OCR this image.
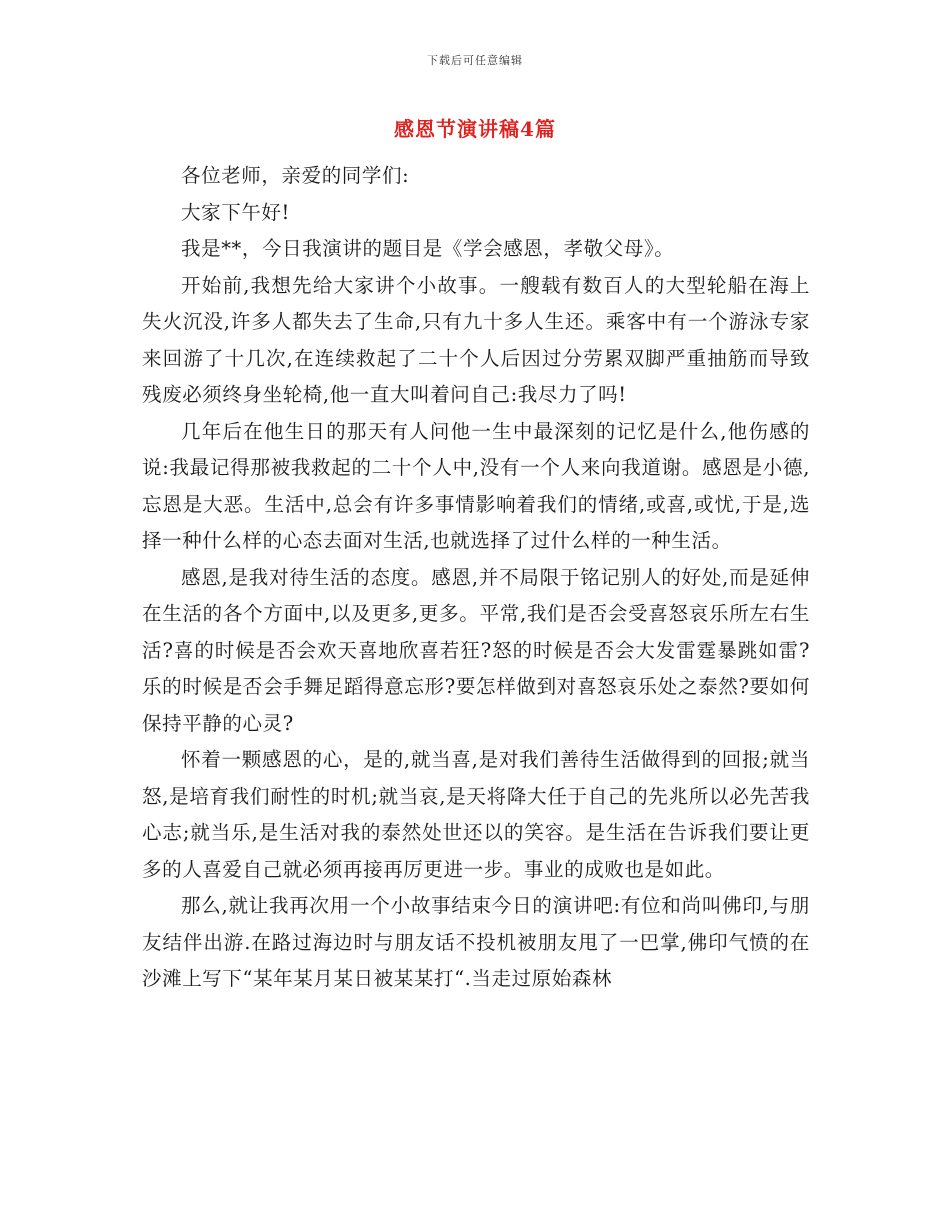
下载后可任意编辑
感恩节演讲稿4篇

各位老师，亲爱的同学们:

大家下午好!

我是**，今日我演讲的题目是《学会感恩，孝敬父母》。

开始前,我想先给大家讲个小故事。一艘载有数百人的大型轮船在海上失火沉没,许多人都失去了生命,只有九十多人生还。乘客中有一个游泳专家来回游了十几次,在连续救起了二十个人后因过分劳累双脚严重抽筋而导致残废必须终身坐轮椅,他一直大叫着问自己:我尽力了吗!

几年后在他生日的那天有人问他一生中最深刻的记忆是什么,他伤感的说:我最记得那被我救起的二十个人中,没有一个人来向我道谢。感恩是小德,忘恩是大恶。生活中,总会有许多事情影响着我们的情绪,或喜,或忧,于是,选择一种什么样的心态去面对生活,也就选择了过什么样的一种生活。

感恩,是我对待生活的态度。感恩,并不局限于铭记别人的好处,而是延伸在生活的各个方面中,以及更多,更多。平常,我们是否会受喜怒哀乐所左右生活?喜的时候是否会欢天喜地欣喜若狂?怒的时候是否会大发雷霆暴跳如雷?乐的时候是否会手舞足蹈得意忘形?要怎样做到对喜怒哀乐处之泰然?要如何保持平静的心灵?

怀着一颗感恩的心，是的,就当喜,是对我们善待生活做得到的回报;就当怒,是培育我们耐性的时机;就当哀,是天将降大任于自己的先兆所以必先苦我心志;就当乐,是生活对我的泰然处世还以的笑容。是生活在告诉我们要让更多的人喜爱自己就必须再接再厉更进一步。事业的成败也是如此。

那么,就让我再次用一个小故事结束今日的演讲吧:有位和尚叫佛印,与朋友结伴出游.在路过海边时与朋友话不投机被朋友甩了一巴掌,佛印气愤的在沙滩上写下“某年某月某日被某某打“.当走过原始森林
